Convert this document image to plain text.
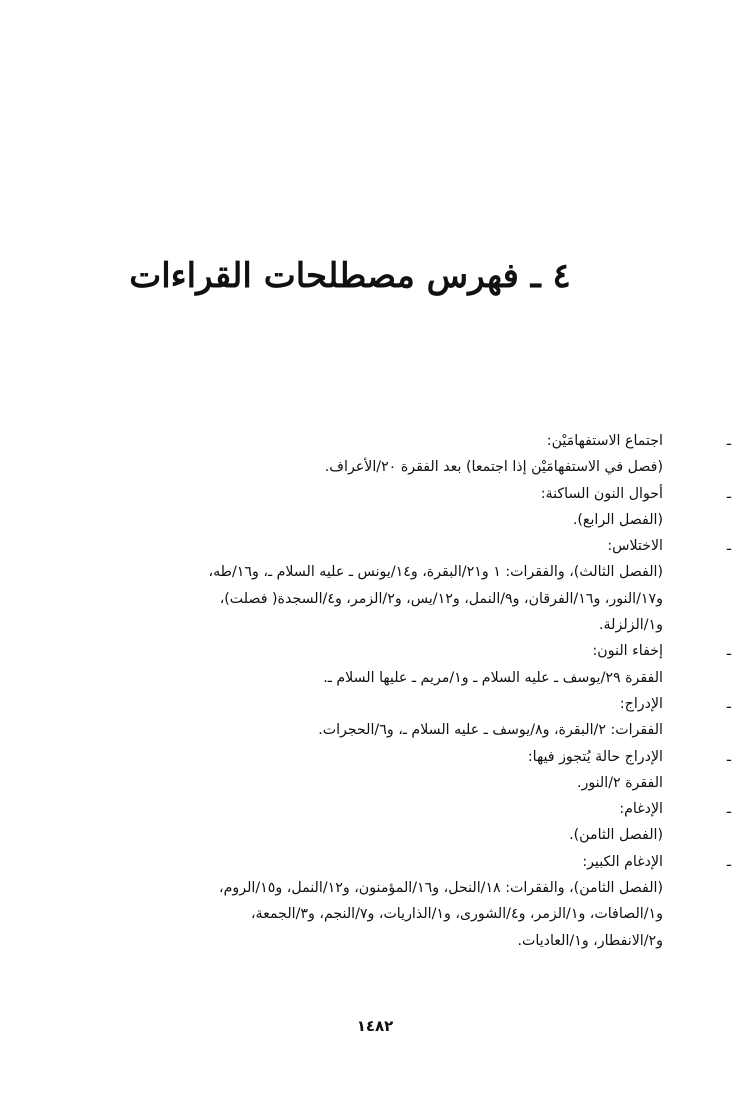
٤ ـ فهرس مصطلحات القراءات
ـ
اجتماع الاستفهامَيْن:
(فصل في الاستفهامَيْن إذا اجتمعا) بعد الفقرة ٢٠/الأعراف.
ـ
أحوال النون الساكنة:
(الفصل الرابع).
ـ
الاختلاس:
(الفصل الثالث)، والفقرات: ١ و٢١/البقرة، و١٤/يونس ـ عليه السلام ـ، و١٦/طه،
و١٧/النور، و١٦/الفرقان، و٩/النمل، و١٢/يس، و٢/الزمر، و٤/السجدة( فصلت)،
و١/الزلزلة.
ـ
إخفاء النون:
الفقرة ٢٩/يوسف ـ عليه السلام ـ و١/مريم ـ عليها السلام ـ.
ـ
الإدراج:
الفقرات: ٢/البقرة، و٨/يوسف ـ عليه السلام ـ، و٦/الحجرات.
ـ
الإدراج حالة يُتجوز فيها:
الفقرة ٢/النور.
ـ
الإدغام:
(الفصل الثامن).
ـ
الإدغام الكبير:
(الفصل الثامن)، والفقرات: ١٨/النحل، و١٦/المؤمنون، و١٢/النمل، و١٥/الروم،
و١/الصافات، و١/الزمر، و٤/الشورى، و١/الذاريات، و٧/النجم، و٣/الجمعة،
و٢/الانفطار، و١/العاديات.
١٤٨٢
